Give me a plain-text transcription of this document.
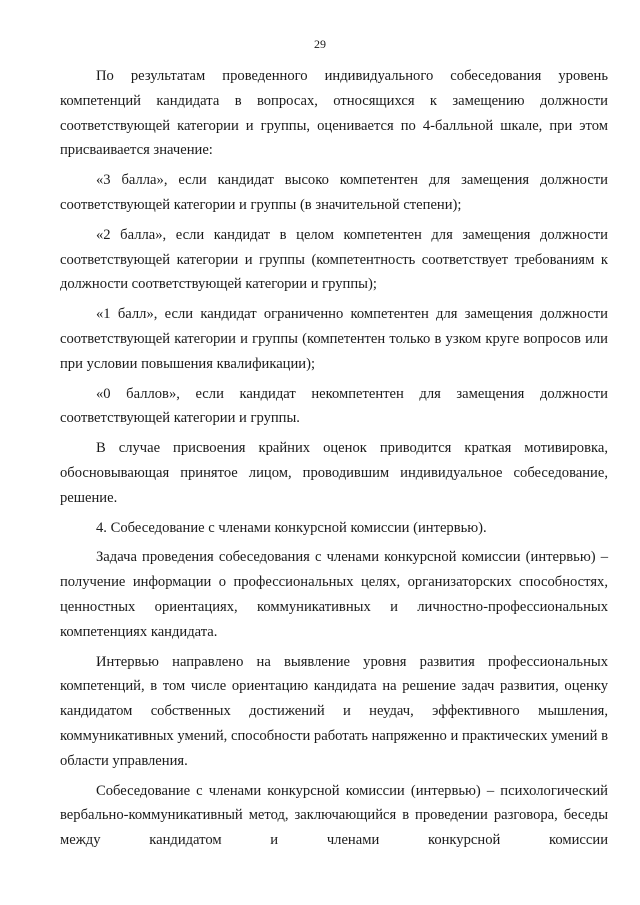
29

По результатам проведенного индивидуального собеседования уровень компетенций кандидата в вопросах, относящихся к замещению должности соответствующей категории и группы, оценивается по 4-балльной шкале, при этом присваивается значение:

«3 балла», если кандидат высоко компетентен для замещения должности соответствующей категории и группы (в значительной степени);

«2 балла», если кандидат в целом компетентен для замещения должности соответствующей категории и группы (компетентность соответствует требованиям к должности соответствующей категории и группы);

«1 балл», если кандидат ограниченно компетентен для замещения должности соответствующей категории и группы (компетентен только в узком круге вопросов или при условии повышения квалификации);

«0 баллов», если кандидат некомпетентен для замещения должности соответствующей категории и группы.

В случае присвоения крайних оценок приводится краткая мотивировка, обосновывающая принятое лицом, проводившим индивидуальное собеседование, решение.

4. Собеседование с членами конкурсной комиссии (интервью).

Задача проведения собеседования с членами конкурсной комиссии (интервью) – получение информации о профессиональных целях, организаторских способностях, ценностных ориентациях, коммуникативных и личностно-профессиональных компетенциях кандидата.

Интервью направлено на выявление уровня развития профессиональных компетенций, в том числе ориентацию кандидата на решение задач развития, оценку кандидатом собственных достижений и неудач, эффективного мышления, коммуникативных умений, способности работать напряженно и практических умений в области управления.

Собеседование с членами конкурсной комиссии (интервью) – психологический вербально-коммуникативный метод, заключающийся в проведении разговора, беседы между кандидатом и членами конкурсной комиссии
